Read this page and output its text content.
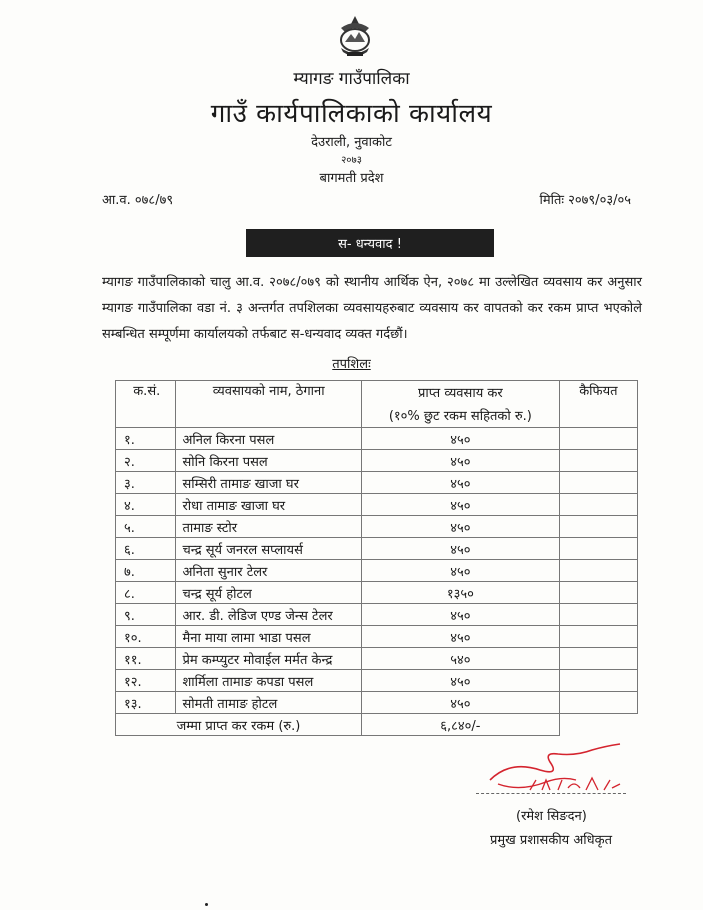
म्यागङ गाउँपालिका
गाउँ कार्यपालिकाको कार्यालय
देउराली, नुवाकोट
२०७३
बागमती प्रदेश
आ.व. ०७८/७९	मितिः २०७९/०३/०५
स- धन्यवाद !
म्यागङ गाउँपालिकाको चालु आ.व. २०७८/०७९ को स्थानीय आर्थिक ऐन, २०७८ मा उल्लेखित व्यवसाय कर अनुसार म्यागङ गाउँपालिका वडा नं. ३ अन्तर्गत तपशिलका व्यवसायहरुबाट व्यवसाय कर वापतको कर रकम प्राप्त भएकोले सम्बन्धित सम्पूर्णमा कार्यालयको तर्फबाट स-धन्यवाद व्यक्त गर्दछौं।
तपशिलः
क.सं.	व्यवसायको नाम, ठेगाना	प्राप्त व्यवसाय कर	कैफियत
		(१०% छुट रकम सहितको रु.)	
१.	अनिल किरना पसल	४५०	
२.	सोनि किरना पसल	४५०	
३.	सम्सिरी तामाङ खाजा घर	४५०	
४.	रोधा तामाङ खाजा घर	४५०	
५.	तामाङ स्टोर	४५०	
६.	चन्द्र सूर्य जनरल सप्लायर्स	४५०	
७.	अनिता सुनार टेलर	४५०	
८.	चन्द्र सूर्य होटल	१३५०	
९.	आर. डी. लेडिज एण्ड जेन्स टेलर	४५०	
१०.	मैना माया लामा भाडा पसल	४५०	
११.	प्रेम कम्प्युटर मोवाईल मर्मत केन्द्र	५४०	
१२.	शार्मिला तामाङ कपडा पसल	४५०	
१३.	सोमती तामाङ होटल	४५०	
जम्मा प्राप्त कर रकम (रु.)		६,८४०/-	
(रमेश सिङदन)
प्रमुख प्रशासकीय अधिकृत
